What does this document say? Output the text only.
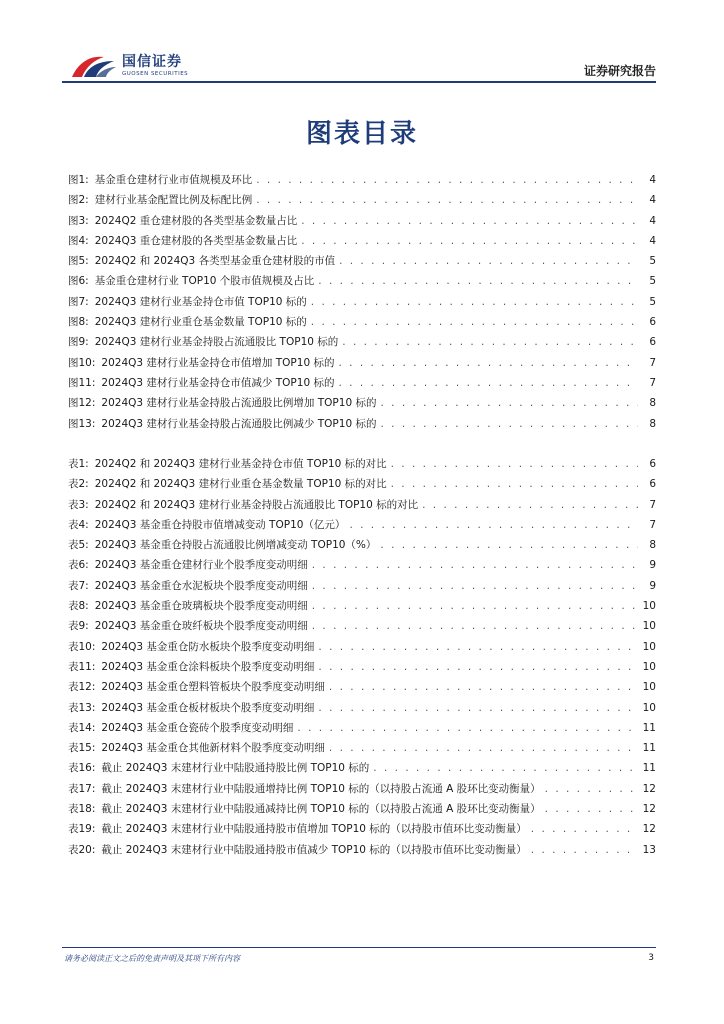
国信证券
GUOSEN SECURITIES	证券研究报告
图表目录
图1: 基金重仓建材行业市值规模及环比 . . .	4
图2: 建材行业基金配置比例及标配比例 . . .	4
图3: 2024Q2 重仓建材股的各类型基金数量占比 . . .	4
图4: 2024Q3 重仓建材股的各类型基金数量占比 . . .	4
图5: 2024Q2 和 2024Q3 各类型基金重仓建材股的市值 . . .	5
图6: 基金重仓建材行业 TOP10 个股市值规模及占比 . . .	5
图7: 2024Q3 建材行业基金持仓市值 TOP10 标的 . . .	5
图8: 2024Q3 建材行业重仓基金数量 TOP10 标的 . . .	6
图9: 2024Q3 建材行业基金持股占流通股比 TOP10 标的 . . .	6
图10: 2024Q3 建材行业基金持仓市值增加 TOP10 标的 . . .	7
图11: 2024Q3 建材行业基金持仓市值减少 TOP10 标的 . . .	7
图12: 2024Q3 建材行业基金持股占流通股比例增加 TOP10 标的 . . .	8
图13: 2024Q3 建材行业基金持股占流通股比例减少 TOP10 标的 . . .	8
表1: 2024Q2 和 2024Q3 建材行业基金持仓市值 TOP10 标的对比 . . .	6
表2: 2024Q2 和 2024Q3 建材行业重仓基金数量 TOP10 标的对比 . . .	6
表3: 2024Q2 和 2024Q3 建材行业基金持股占流通股比 TOP10 标的对比 . . .	7
表4: 2024Q3 基金重仓持股市值增减变动 TOP10（亿元） . . .	7
表5: 2024Q3 基金重仓持股占流通股比例增减变动 TOP10（%） . . .	8
表6: 2024Q3 基金重仓建材行业个股季度变动明细 . . .	9
表7: 2024Q3 基金重仓水泥板块个股季度变动明细 . . .	9
表8: 2024Q3 基金重仓玻璃板块个股季度变动明细 . . .	10
表9: 2024Q3 基金重仓玻纤板块个股季度变动明细 . . .	10
表10: 2024Q3 基金重仓防水板块个股季度变动明细 . . .	10
表11: 2024Q3 基金重仓涂料板块个股季度变动明细 . . .	10
表12: 2024Q3 基金重仓塑料管板块个股季度变动明细 . . .	10
表13: 2024Q3 基金重仓板材板块个股季度变动明细 . . .	10
表14: 2024Q3 基金重仓瓷砖个股季度变动明细 . . .	11
表15: 2024Q3 基金重仓其他新材料个股季度变动明细 . . .	11
表16: 截止 2024Q3 末建材行业中陆股通持股比例 TOP10 标的 . . .	11
表17: 截止 2024Q3 末建材行业中陆股通增持比例 TOP10 标的（以持股占流通 A 股环比变动衡量） . . .	12
表18: 截止 2024Q3 末建材行业中陆股通减持比例 TOP10 标的（以持股占流通 A 股环比变动衡量） . . .	12
表19: 截止 2024Q3 末建材行业中陆股通持股市值增加 TOP10 标的（以持股市值环比变动衡量） . . .	12
表20: 截止 2024Q3 末建材行业中陆股通持股市值减少 TOP10 标的（以持股市值环比变动衡量） . . .	13
请务必阅读正文之后的免责声明及其项下所有内容	3
